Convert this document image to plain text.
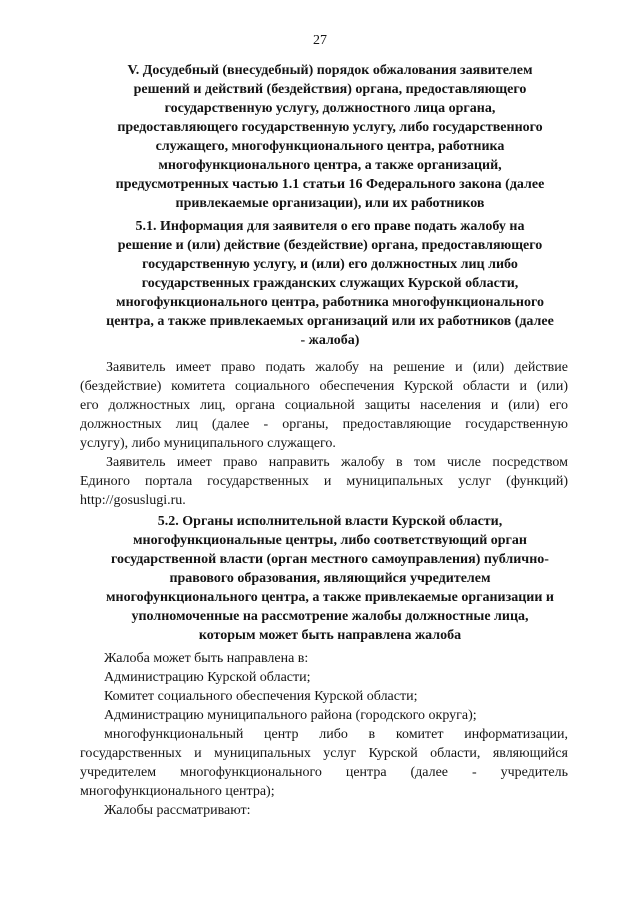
27
V. Досудебный (внесудебный) порядок обжалования заявителем
решений и действий (бездействия) органа, предоставляющего
государственную услугу, должностного лица органа,
предоставляющего государственную услугу, либо государственного
служащего, многофункционального центра, работника
многофункционального центра, а также организаций,
предусмотренных частью 1.1 статьи 16 Федерального закона (далее
привлекаемые организации), или их работников
5.1. Информация для заявителя о его праве подать жалобу на
решение и (или) действие (бездействие) органа, предоставляющего
государственную услугу, и (или) его должностных лиц либо
государственных гражданских служащих Курской области,
многофункционального центра, работника многофункционального
центра, а также привлекаемых организаций или их работников (далее
- жалоба)
Заявитель имеет право подать жалобу на решение и (или) действие
(бездействие) комитета социального обеспечения Курской области и (или)
его должностных лиц, органа социальной защиты населения и (или) его
должностных лиц (далее - органы, предоставляющие государственную
услугу), либо муниципального служащего.
Заявитель имеет право направить жалобу в том числе посредством
Единого портала государственных и муниципальных услуг (функций)
http://gosuslugi.ru.
5.2. Органы исполнительной власти Курской области,
многофункциональные центры, либо соответствующий орган
государственной власти (орган местного самоуправления) публично-
правового образования, являющийся учредителем
многофункционального центра, а также привлекаемые организации и
уполномоченные на рассмотрение жалобы должностные лица,
которым может быть направлена жалоба
Жалоба может быть направлена в:
Администрацию Курской области;
Комитет социального обеспечения Курской области;
Администрацию муниципального района (городского округа);
многофункциональный центр либо в комитет информатизации,
государственных и муниципальных услуг Курской области, являющийся
учредителем многофункционального центра (далее - учредитель
многофункционального центра);
Жалобы рассматривают:
